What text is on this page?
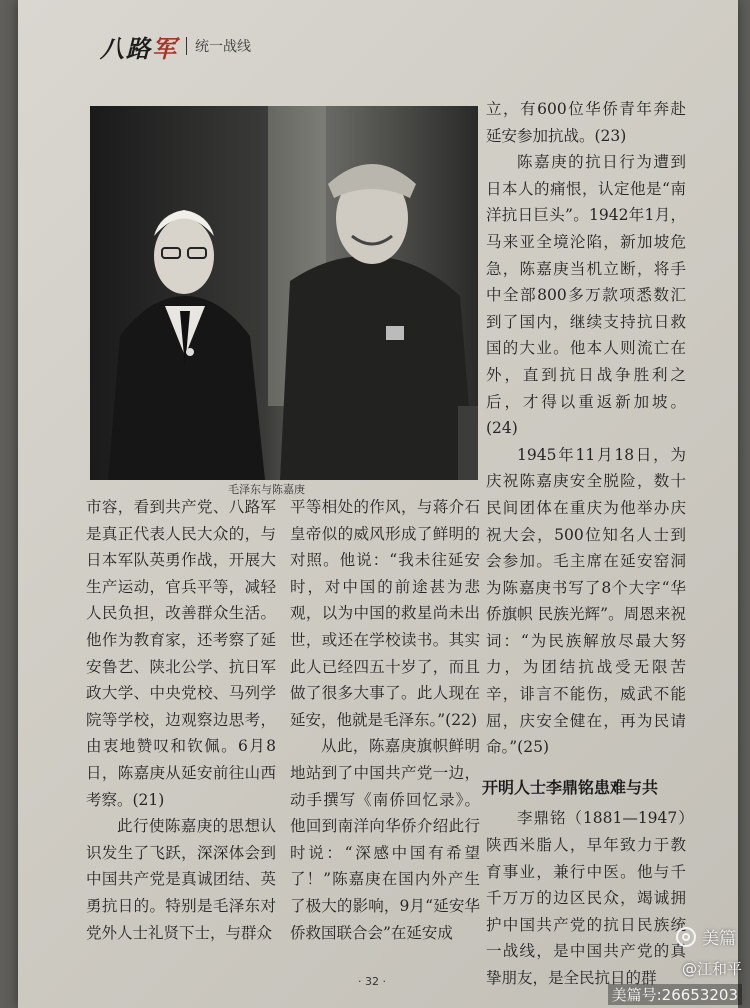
八路军 统一战线
毛泽东与陈嘉庚

市容，看到共产党、八路军是真正代表人民大众的，与日本军队英勇作战，开展大生产运动，官兵平等，减轻人民负担，改善群众生活。他作为教育家，还考察了延安鲁艺、陕北公学、抗日军政大学、中央党校、马列学院等学校，边观察边思考，由衷地赞叹和钦佩。6月8日，陈嘉庚从延安前往山西考察。(21)

此行使陈嘉庚的思想认识发生了飞跃，深深体会到中国共产党是真诚团结、英勇抗日的。特别是毛泽东对党外人士礼贤下士，与群众

平等相处的作风，与蒋介石皇帝似的威风形成了鲜明的对照。他说：“我未往延安时，对中国的前途甚为悲观，以为中国的救星尚未出世，或还在学校读书。其实此人已经四五十岁了，而且做了很多大事了。此人现在延安，他就是毛泽东。”(22)

从此，陈嘉庚旗帜鲜明地站到了中国共产党一边，动手撰写《南侨回忆录》。他回到南洋向华侨介绍此行时说：“深感中国有希望了！”陈嘉庚在国内外产生了极大的影响，9月“延安华侨救国联合会”在延安成

立，有600位华侨青年奔赴延安参加抗战。(23)

陈嘉庚的抗日行为遭到日本人的痛恨，认定他是“南洋抗日巨头”。1942年1月，马来亚全境沦陷，新加坡危急，陈嘉庚当机立断，将手中全部800多万款项悉数汇到了国内，继续支持抗日救国的大业。他本人则流亡在外，直到抗日战争胜利之后，才得以重返新加坡。(24)

1945年11月18日，为庆祝陈嘉庚安全脱险，数十民间团体在重庆为他举办庆祝大会，500位知名人士到会参加。毛主席在延安窑洞为陈嘉庚书写了8个大字“华侨旗帜 民族光辉”。周恩来祝词：“为民族解放尽最大努力，为团结抗战受无限苦辛，诽言不能伤，威武不能屈，庆安全健在，再为民请命。”(25)

开明人士李鼎铭患难与共

李鼎铭（1881—1947）陕西米脂人，早年致力于教育事业，兼行中医。他与千千万万的边区民众，竭诚拥护中国共产党的抗日民族统一战线，是中国共产党的真挚朋友，是全民抗日的群

· 32 ·
美篇
@江和平
美篇号:26653203
